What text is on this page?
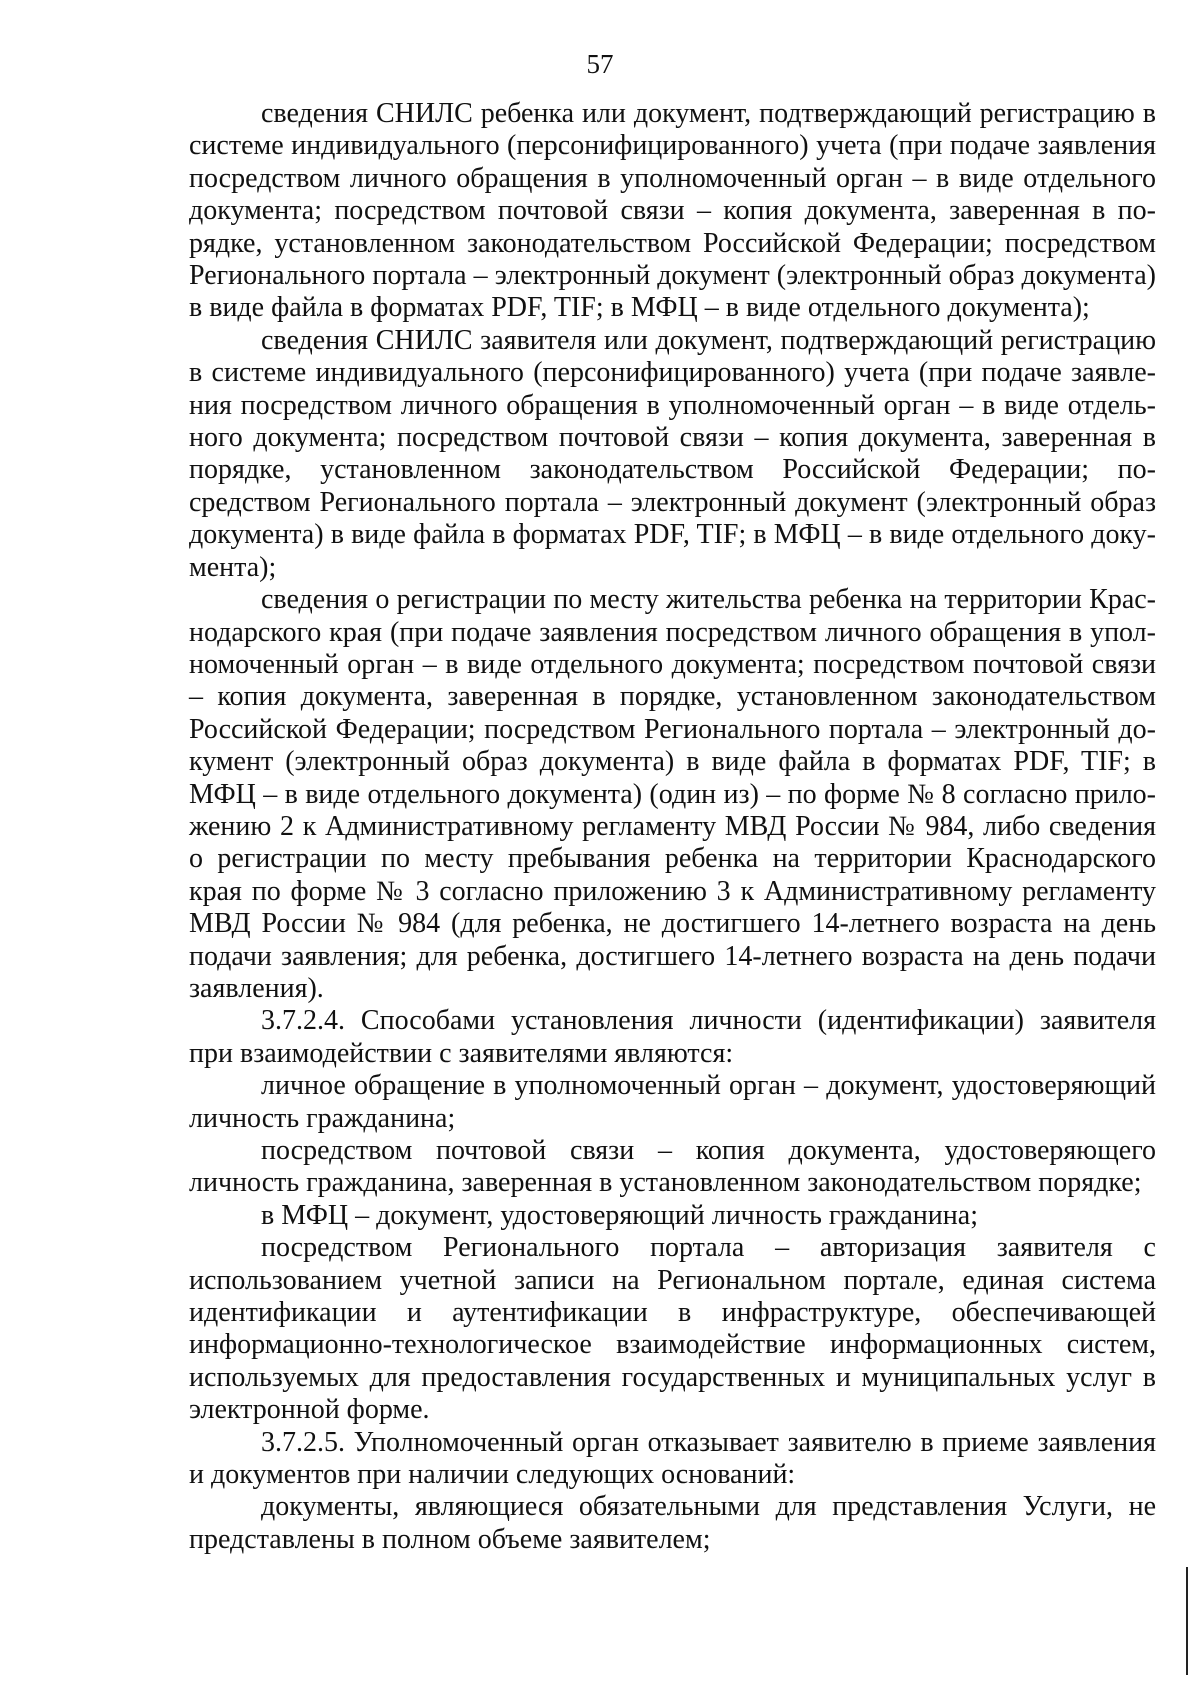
57

сведения СНИЛС ребенка или документ, подтверждающий регистрацию в системе индивидуального (персонифицированного) учета (при подаче заявления посредством личного обращения в уполномоченный орган – в виде отдельного документа; посредством почтовой связи – копия документа, заверенная в порядке, установленном законодательством Российской Федерации; посредством Регионального портала – электронный документ (электронный образ документа) в виде файла в форматах PDF, TIF; в МФЦ – в виде отдельного документа);

сведения СНИЛС заявителя или документ, подтверждающий регистрацию в системе индивидуального (персонифицированного) учета (при подаче заявления посредством личного обращения в уполномоченный орган – в виде отдельного документа; посредством почтовой связи – копия документа, заверенная в порядке, установленном законодательством Российской Федерации; посредством Регионального портала – электронный документ (электронный образ документа) в виде файла в форматах PDF, TIF; в МФЦ – в виде отдельного документа);

сведения о регистрации по месту жительства ребенка на территории Краснодарского края (при подаче заявления посредством личного обращения в уполномоченный орган – в виде отдельного документа; посредством почтовой связи – копия документа, заверенная в порядке, установленном законодательством Российской Федерации; посредством Регионального портала – электронный документ (электронный образ документа) в виде файла в форматах PDF, TIF; в МФЦ – в виде отдельного документа) (один из) – по форме № 8 согласно приложению 2 к Административному регламенту МВД России № 984, либо сведения о регистрации по месту пребывания ребенка на территории Краснодарского края по форме № 3 согласно приложению 3 к Административному регламенту МВД России № 984 (для ребенка, не достигшего 14-летнего возраста на день подачи заявления; для ребенка, достигшего 14-летнего возраста на день подачи заявления).

3.7.2.4. Способами установления личности (идентификации) заявителя при взаимодействии с заявителями являются:

личное обращение в уполномоченный орган – документ, удостоверяющий личность гражданина;

посредством почтовой связи – копия документа, удостоверяющего личность гражданина, заверенная в установленном законодательством порядке;

в МФЦ – документ, удостоверяющий личность гражданина;

посредством Регионального портала – авторизация заявителя с использованием учетной записи на Региональном портале, единая система идентификации и аутентификации в инфраструктуре, обеспечивающей информационно-технологическое взаимодействие информационных систем, используемых для предоставления государственных и муниципальных услуг в электронной форме.

3.7.2.5. Уполномоченный орган отказывает заявителю в приеме заявления и документов при наличии следующих оснований:

документы, являющиеся обязательными для представления Услуги, не представлены в полном объеме заявителем;
